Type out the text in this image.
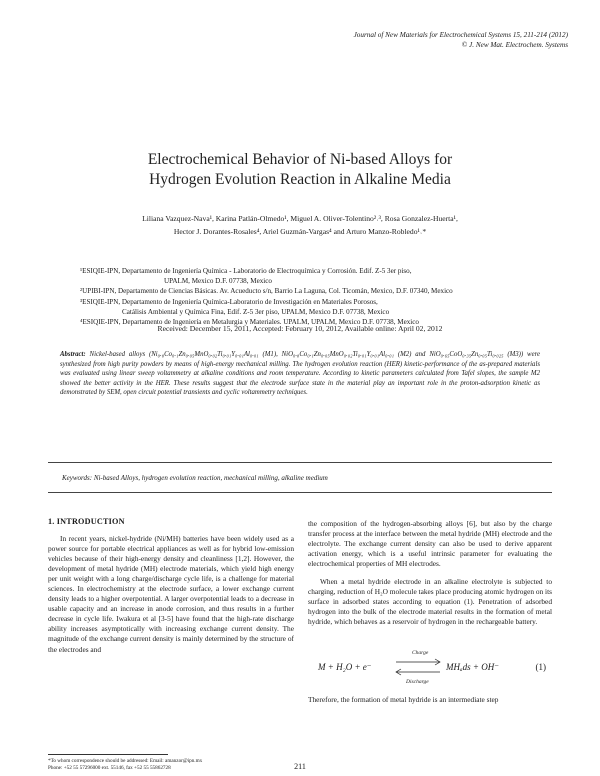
Journal of New Materials for Electrochemical Systems 15, 211-214 (2012)
© J. New Mat. Electrochem. Systems
Electrochemical Behavior of Ni-based Alloys for
Hydrogen Evolution Reaction in Alkaline Media
Liliana Vazquez-Nava¹, Karina Patlán-Olmedo¹, Miguel A. Oliver-Tolentino²˒³, Rosa Gonzalez-Huerta¹,
Hector J. Dorantes-Rosales⁴, Ariel Guzmán-Vargas⁴ and Arturo Manzo-Robledo¹˒*

¹ESIQIE-IPN, Departamento de Ingeniería Química - Laboratorio de Electroquímica y Corrosión. Edif. Z-5 3er piso,

UPALM, Mexico D.F. 07738, Mexico

²UPIBI-IPN, Departamento de Ciencias Básicas. Av. Acueducto s/n, Barrio La Laguna, Col. Ticomán, Mexico, D.F. 07340, Mexico

³ESIQIE-IPN, Departamento de Ingeniería Química-Laboratorio de Investigación en Materiales Porosos,

Catálisis Ambiental y Química Fina, Edif. Z-5 3er piso, UPALM, Mexico D.F. 07738, Mexico

⁴ESIQIE-IPN, Departamento de Ingeniería en Metalurgia y Materiales. UPALM, UPALM, Mexico D.F. 07738, Mexico

Received: December 15, 2011, Accepted: February 10, 2012, Available online: April 02, 2012
Abstract: Nickel-based alloys (Ni₀.₈Co₀.₁Zn₀.₀₅MnO₀.₀₂Ti₀.₀₁Y₀.₀₁Al₀.₀₁ (M1), NiO₀.₈Co₀.₁Zn₀.₀₅MnO₀.₀₂Ti₀.₀₁Y₀.₀₁Al₀.₀₁ (M2) and NiO₀.₆₅CoO₀.₃₅Zn₀.₀₅Ti₀.₀₂₅ (M3)) were synthesized from high purity powders by means of high-energy mechanical milling. The hydrogen evolution reaction (HER) kinetic-performance of the as-prepared materials was evaluated using linear sweep voltammetry at alkaline conditions and room temperature. According to kinetic parameters calculated from Tafel slopes, the sample M2 showed the better activity in the HER. These results suggest that the electrode surface state in the material play an important role in the proton-adsorption kinetic as demonstrated by SEM, open circuit potential transients and cyclic voltammetry techniques.
Keywords: Ni-based Alloys, hydrogen evolution reaction, mechanical milling, alkaline medium
1. INTRODUCTION

In recent years, nickel-hydride (Ni/MH) batteries have been widely used as a power source for portable electrical appliances as well as for hybrid low-emission vehicles because of their high-energy density and cleanliness [1,2]. However, the development of metal hydride (MH) electrode materials, which yield high energy per unit weight with a long charge/discharge cycle life, is a challenge for material sciences. In electrochemistry at the electrode surface, a lower exchange current density leads to a higher overpotential. A larger overpotential leads to a decrease in usable capacity and an increase in anode corrosion, and thus results in a further decrease in cycle life. Iwakura et al [3-5] have found that the high-rate discharge ability increases asymptotically with increasing exchange current density. The magnitude of the exchange current density is mainly determined by the structure of the electrodes and

the composition of the hydrogen-absorbing alloys [6], but also by the charge transfer process at the interface between the metal hydride (MH) electrode and the electrolyte. The exchange current density can also be used to derive apparent activation energy, which is a useful intrinsic parameter for evaluating the electrochemical properties of MH electrodes.

When a metal hydride electrode in an alkaline electrolyte is subjected to charging, reduction of H₂O molecule takes place producing atomic hydrogen on its surface in adsorbed states according to equation (1). Penetration of adsorbed hydrogen into the bulk of the electrode material results in the formation of metal hydride, which behaves as a reservoir of hydrogen in the rechargeable battery.

M + H₂O + e⁻
Charge
Discharge
MHₐds + OH⁻	(1)

Therefore, the formation of metal hydride is an intermediate step

*To whom correspondence should be addressed: Email: amanzor@ipn.mx
Phone: +52 55 57296000 ext. 55146, fax +52 55 55862728	211
